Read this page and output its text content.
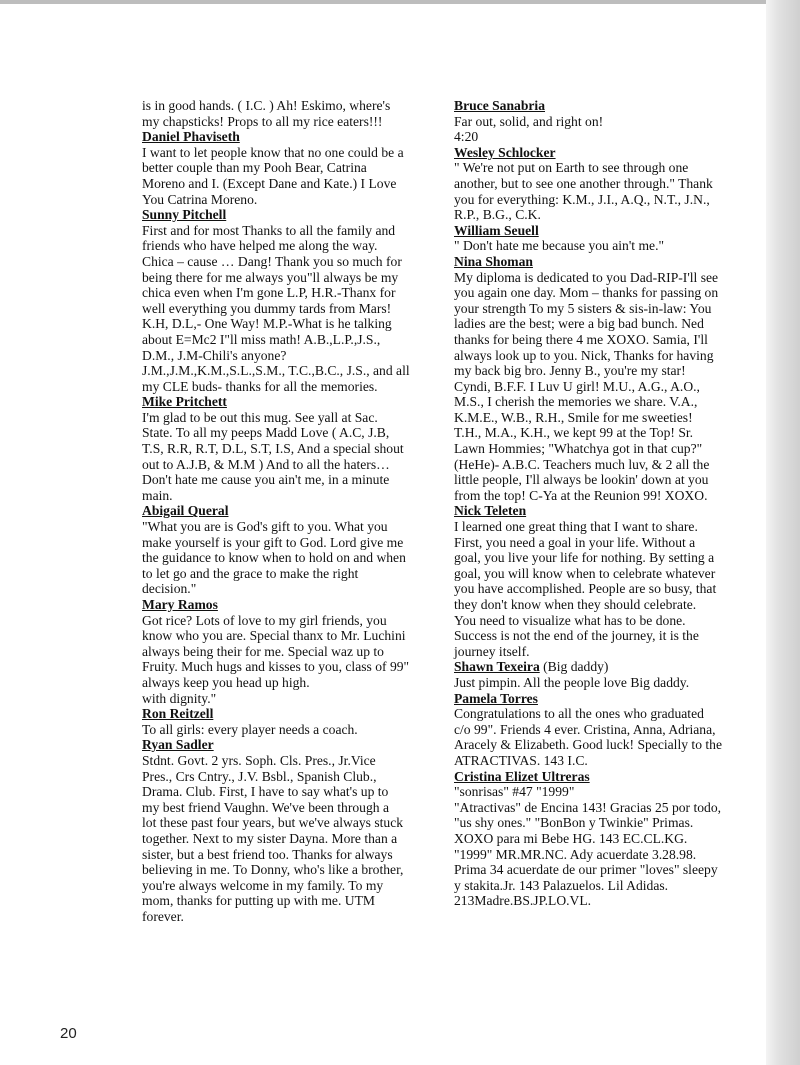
is in good hands. ( I.C. ) Ah! Eskimo, where's
my chapsticks! Props to all my rice eaters!!!
Daniel Phaviseth
I want to let people know that no one could be a
better couple than my Pooh Bear, Catrina
Moreno and I. (Except Dane and Kate.) I Love
You Catrina Moreno.
Sunny Pitchell
First and for most Thanks to all the family and
friends who have helped me along the way.
Chica – cause … Dang! Thank you so much for
being there for me always you"ll always be my
chica even when I'm gone L.P, H.R.-Thanx for
well everything you dummy tards from Mars!
K.H, D.L,- One Way! M.P.-What is he talking
about E=Mc2 I"ll miss math! A.B.,L.P.,J.S.,
D.M., J.M-Chili's anyone?
J.M.,J.M.,K.M.,S.L.,S.M., T.C.,B.C., J.S., and all
my CLE buds- thanks for all the memories.
Mike Pritchett
I'm glad to be out this mug. See yall at Sac.
State. To all my peeps Madd Love ( A.C, J.B,
T.S, R.R, R.T, D.L, S.T, I.S, And a special shout
out to A.J.B, & M.M ) And to all the haters…
Don't hate me cause you ain't me, in a minute
main.
Abigail Queral
"What you are is God's gift to you. What you
make yourself is your gift to God. Lord give me
the guidance to know when to hold on and when
to let go and the grace to make the right
decision."
Mary Ramos
Got rice? Lots of love to my girl friends, you
know who you are. Special thanx to Mr. Luchini
always being their for me. Special waz up to
Fruity. Much hugs and kisses to you, class of 99"
always keep you head up high.
with dignity."
Ron Reitzell
To all girls: every player needs a coach.
Ryan Sadler
Stdnt. Govt. 2 yrs. Soph. Cls. Pres., Jr.Vice
Pres., Crs Cntry., J.V. Bsbl., Spanish Club.,
Drama. Club. First, I have to say what's up to
my best friend Vaughn. We've been through a
lot these past four years, but we've always stuck
together. Next to my sister Dayna. More than a
sister, but a best friend too. Thanks for always
believing in me. To Donny, who's like a brother,
you're always welcome in my family. To my
mom, thanks for putting up with me. UTM
forever.
Bruce Sanabria
Far out, solid, and right on!
4:20
Wesley Schlocker
" We're not put on Earth to see through one
another, but to see one another through." Thank
you for everything: K.M., J.I., A.Q., N.T., J.N.,
R.P., B.G., C.K.
William Seuell
" Don't hate me because you ain't me."
Nina Shoman
My diploma is dedicated to you Dad-RIP-I'll see
you again one day. Mom – thanks for passing on
your strength To my 5 sisters & sis-in-law: You
ladies are the best; were a big bad bunch. Ned
thanks for being there 4 me XOXO. Samia, I'll
always look up to you. Nick, Thanks for having
my back big bro. Jenny B., you're my star!
Cyndi, B.F.F. I Luv U girl! M.U., A.G., A.O.,
M.S., I cherish the memories we share. V.A.,
K.M.E., W.B., R.H., Smile for me sweeties!
T.H., M.A., K.H., we kept 99 at the Top! Sr.
Lawn Hommies; "Whatchya got in that cup?"
(HeHe)- A.B.C. Teachers much luv, & 2 all the
little people, I'll always be lookin' down at you
from the top! C-Ya at the Reunion 99! XOXO.
Nick Teleten
I learned one great thing that I want to share.
First, you need a goal in your life. Without a
goal, you live your life for nothing. By setting a
goal, you will know when to celebrate whatever
you have accomplished. People are so busy, that
they don't know when they should celebrate.
You need to visualize what has to be done.
Success is not the end of the journey, it is the
journey itself.
Shawn Texeira (Big daddy)
Just pimpin. All the people love Big daddy.
Pamela Torres
Congratulations to all the ones who graduated
c/o 99". Friends 4 ever. Cristina, Anna, Adriana,
Aracely & Elizabeth. Good luck! Specially to the
ATRACTIVAS. 143 I.C.
Cristina Elizet Ultreras
"sonrisas" #47 "1999"
"Atractivas" de Encina 143! Gracias 25 por todo,
"us shy ones." "BonBon y Twinkie" Primas.
XOXO para mi Bebe HG. 143 EC.CL.KG.
"1999" MR.MR.NC. Ady acuerdate 3.28.98.
Prima 34 acuerdate de our primer "loves" sleepy
y stakita.Jr. 143 Palazuelos. Lil Adidas.
213Madre.BS.JP.LO.VL.
20
